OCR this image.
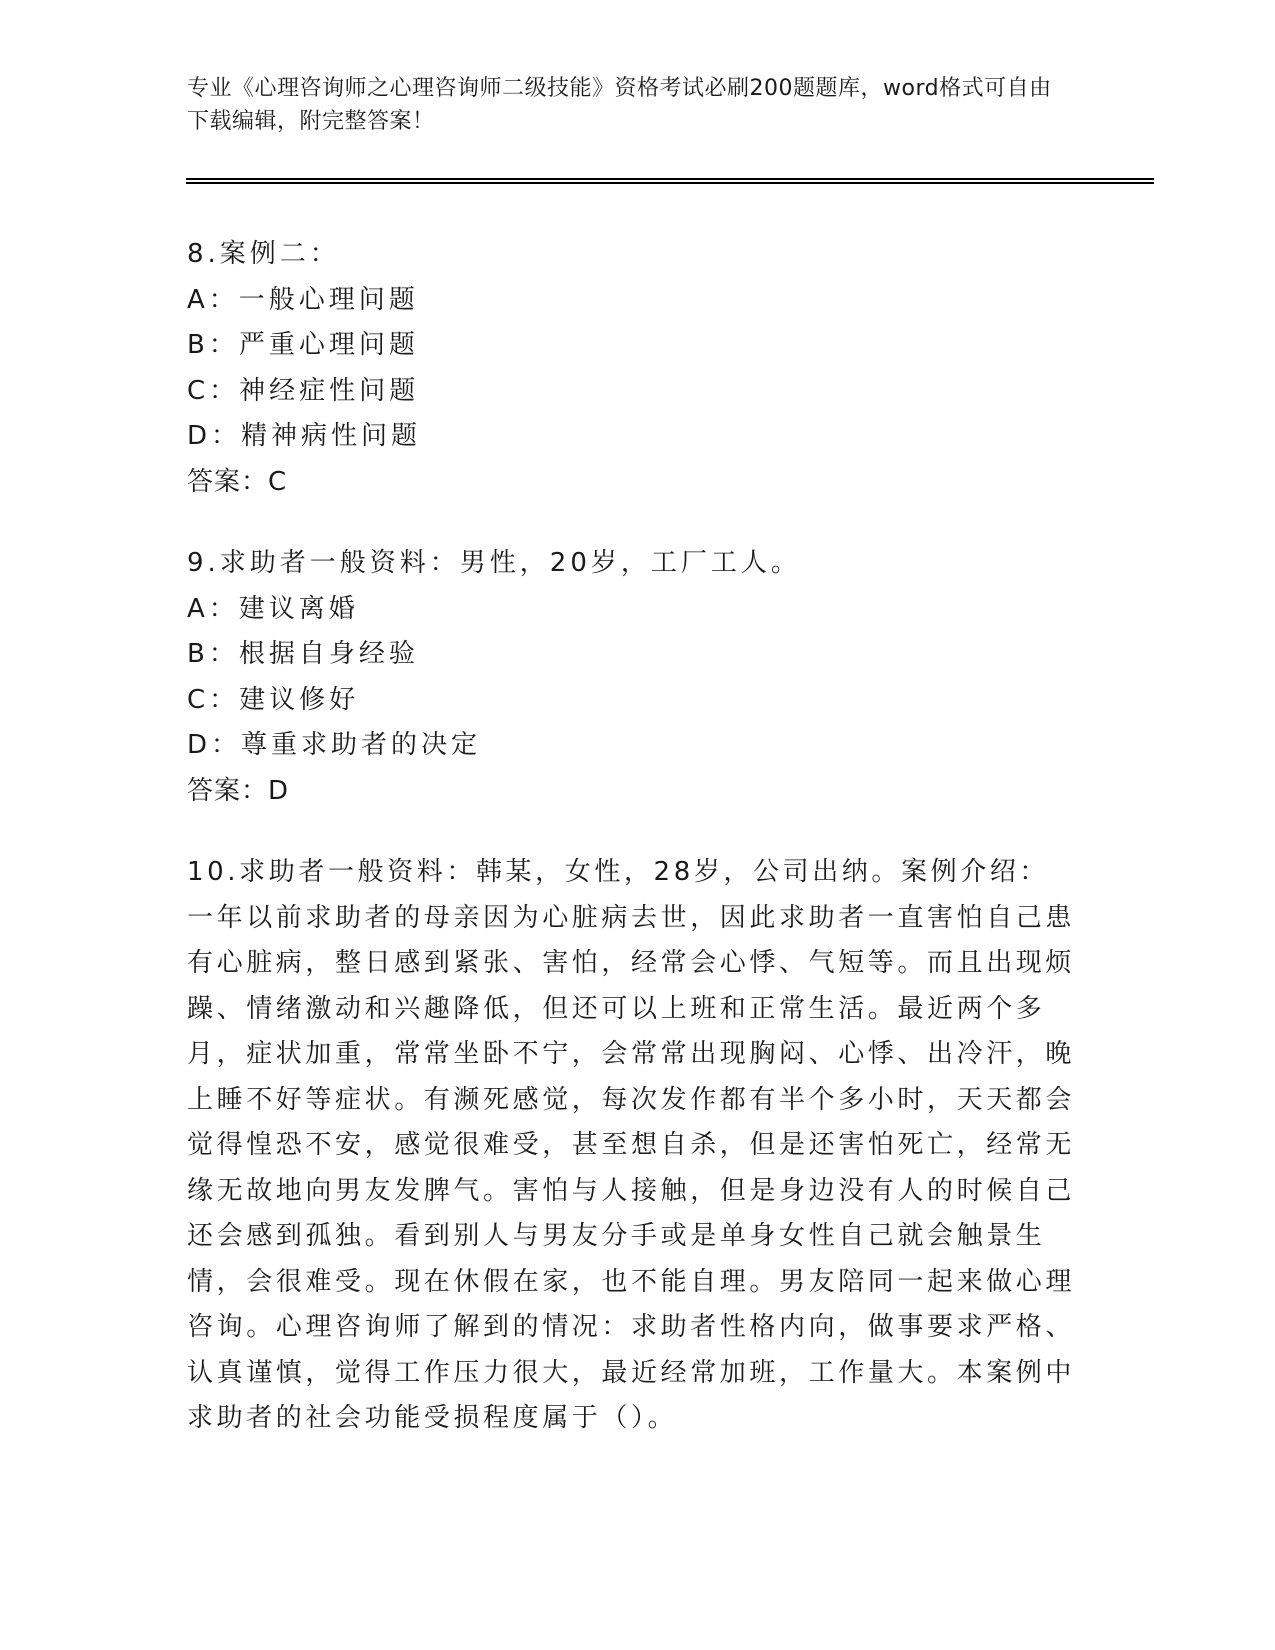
专业《心理咨询师之心理咨询师二级技能》资格考试必刷200题题库，word格式可自由下载编辑，附完整答案！
8.案例二：
A：一般心理问题
B：严重心理问题
C：神经症性问题
D：精神病性问题
答案：C
9.求助者一般资料：男性，20岁，工厂工人。
A：建议离婚
B：根据自身经验
C：建议修好
D：尊重求助者的决定
答案：D
10.求助者一般资料：韩某，女性，28岁，公司出纳。案例介绍：一年以前求助者的母亲因为心脏病去世，因此求助者一直害怕自己患有心脏病，整日感到紧张、害怕，经常会心悸、气短等。而且出现烦躁、情绪激动和兴趣降低，但还可以上班和正常生活。最近两个多月，症状加重，常常坐卧不宁，会常常出现胸闷、心悸、出冷汗，晚上睡不好等症状。有濒死感觉，每次发作都有半个多小时，天天都会觉得惶恐不安，感觉很难受，甚至想自杀，但是还害怕死亡，经常无缘无故地向男友发脾气。害怕与人接触，但是身边没有人的时候自己还会感到孤独。看到别人与男友分手或是单身女性自己就会触景生情，会很难受。现在休假在家，也不能自理。男友陪同一起来做心理咨询。心理咨询师了解到的情况：求助者性格内向，做事要求严格、认真谨慎，觉得工作压力很大，最近经常加班，工作量大。本案例中求助者的社会功能受损程度属于（）。
